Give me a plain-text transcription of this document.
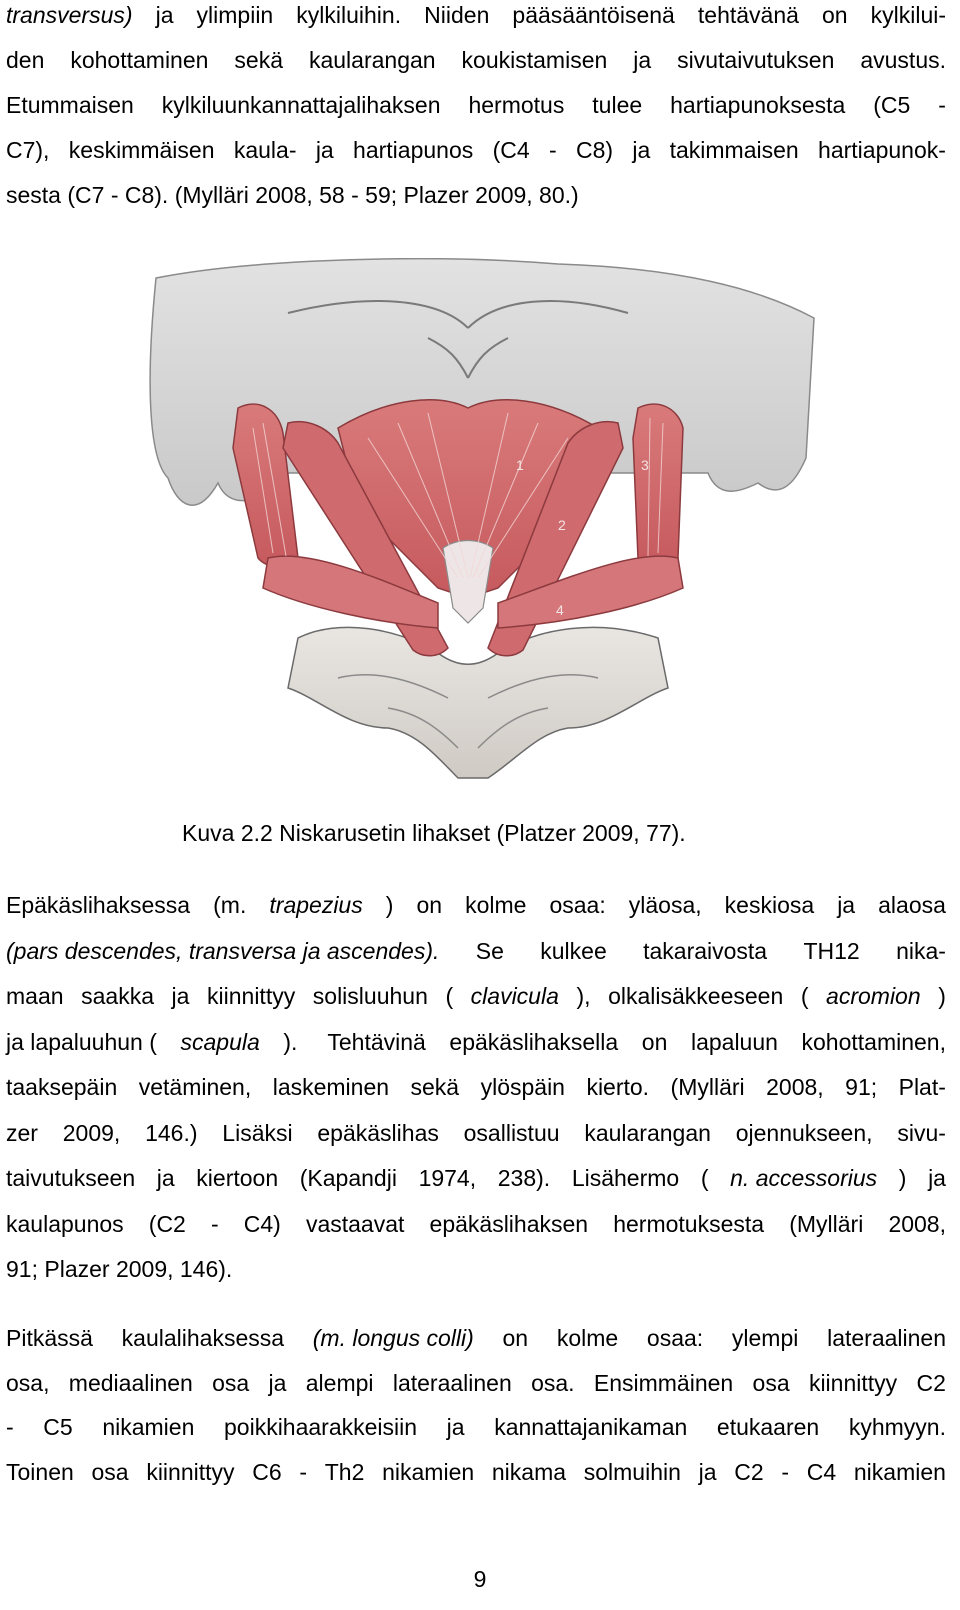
transversus) ja ylimpiin kylkiluihin. Niiden pääsääntöisenä tehtävänä on kylkilui-
den kohottaminen sekä kaularangan koukistamisen ja sivutaivutuksen avustus.
Etummaisen kylkiluunkannattajalihaksen hermotus tulee hartiapunoksesta (C5 -
C7), keskimmäisen kaula- ja hartiapunos (C4 - C8) ja takimmaisen hartiapunok-
sesta (C7 - C8). (Mylläri 2008, 58 - 59; Plazer 2009, 80.)
1	3
2
4
Kuva 2.2 Niskarusetin lihakset (Platzer 2009, 77).
Epäkäslihaksessa (m. trapezius ) on kolme osaa: yläosa, keskiosa ja alaosa
(pars descendes, transversa ja ascendes). Se kulkee takaraivosta TH12 nika-
maan saakka ja kiinnittyy solisluuhun ( clavicula ), olkalisäkkeeseen ( acromion )
ja lapaluuhun ( scapula ). Tehtävinä epäkäslihaksella on lapaluun kohottaminen,
taaksepäin vetäminen, laskeminen sekä ylöspäin kierto. (Mylläri 2008, 91; Plat-
zer 2009, 146.) Lisäksi epäkäslihas osallistuu kaularangan ojennukseen, sivu-
taivutukseen ja kiertoon (Kapandji 1974, 238). Lisähermo ( n. accessorius ) ja
kaulapunos (C2 - C4) vastaavat epäkäslihaksen hermotuksesta (Mylläri 2008,
91; Plazer 2009, 146).
Pitkässä kaulalihaksessa (m. longus colli) on kolme osaa: ylempi lateraalinen
osa, mediaalinen osa ja alempi lateraalinen osa. Ensimmäinen osa kiinnittyy C2
- C5 nikamien poikkihaarakkeisiin ja kannattajanikaman etukaaren kyhmyyn.
Toinen osa kiinnittyy C6 - Th2 nikamien nikama solmuihin ja C2 - C4 nikamien
9
